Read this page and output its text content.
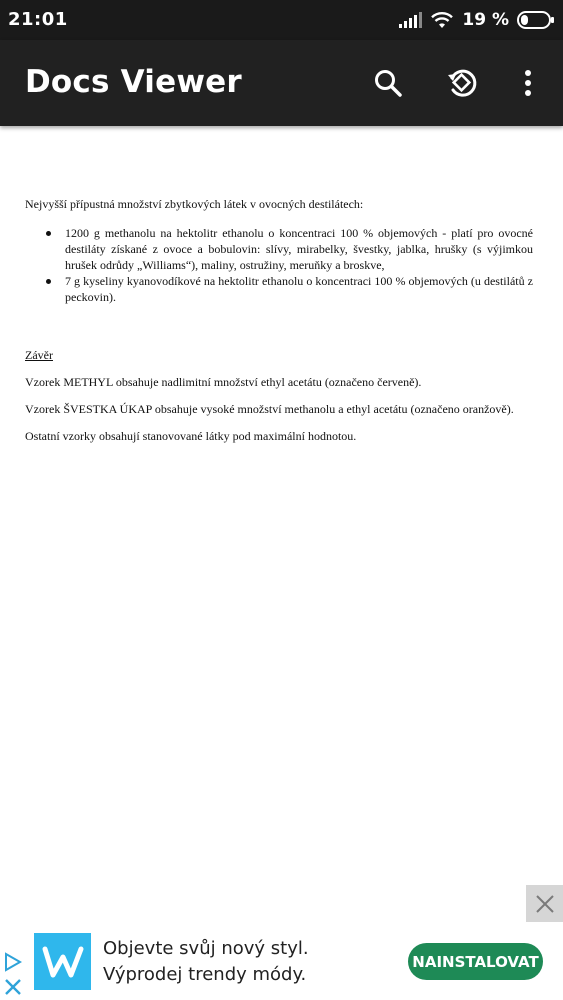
21:01	19 %
Docs Viewer

Nejvyšší přípustná množství zbytkových látek v ovocných destilátech:

1200 g methanolu na hektolitr ethanolu o koncentraci 100 % objemových - platí pro ovocné destiláty získané z ovoce a bobulovin: slívy, mirabelky, švestky, jablka, hrušky (s výjimkou hrušek odrůdy „Williams“), maliny, ostružiny, meruňky a broskve,
7 g kyseliny kyanovodíkové na hektolitr ethanolu o koncentraci 100 % objemových (u destilátů z peckovin).

Závěr

Vzorek METHYL obsahuje nadlimitní množství ethyl acetátu (označeno červeně).

Vzorek ŠVESTKA ÚKAP obsahuje vysoké množství methanolu a ethyl acetátu (označeno oranžově).

Ostatní vzorky obsahují stanovované látky pod maximální hodnotou.

Objevte svůj nový styl. Výprodej trendy módy.
NAINSTALOVAT
